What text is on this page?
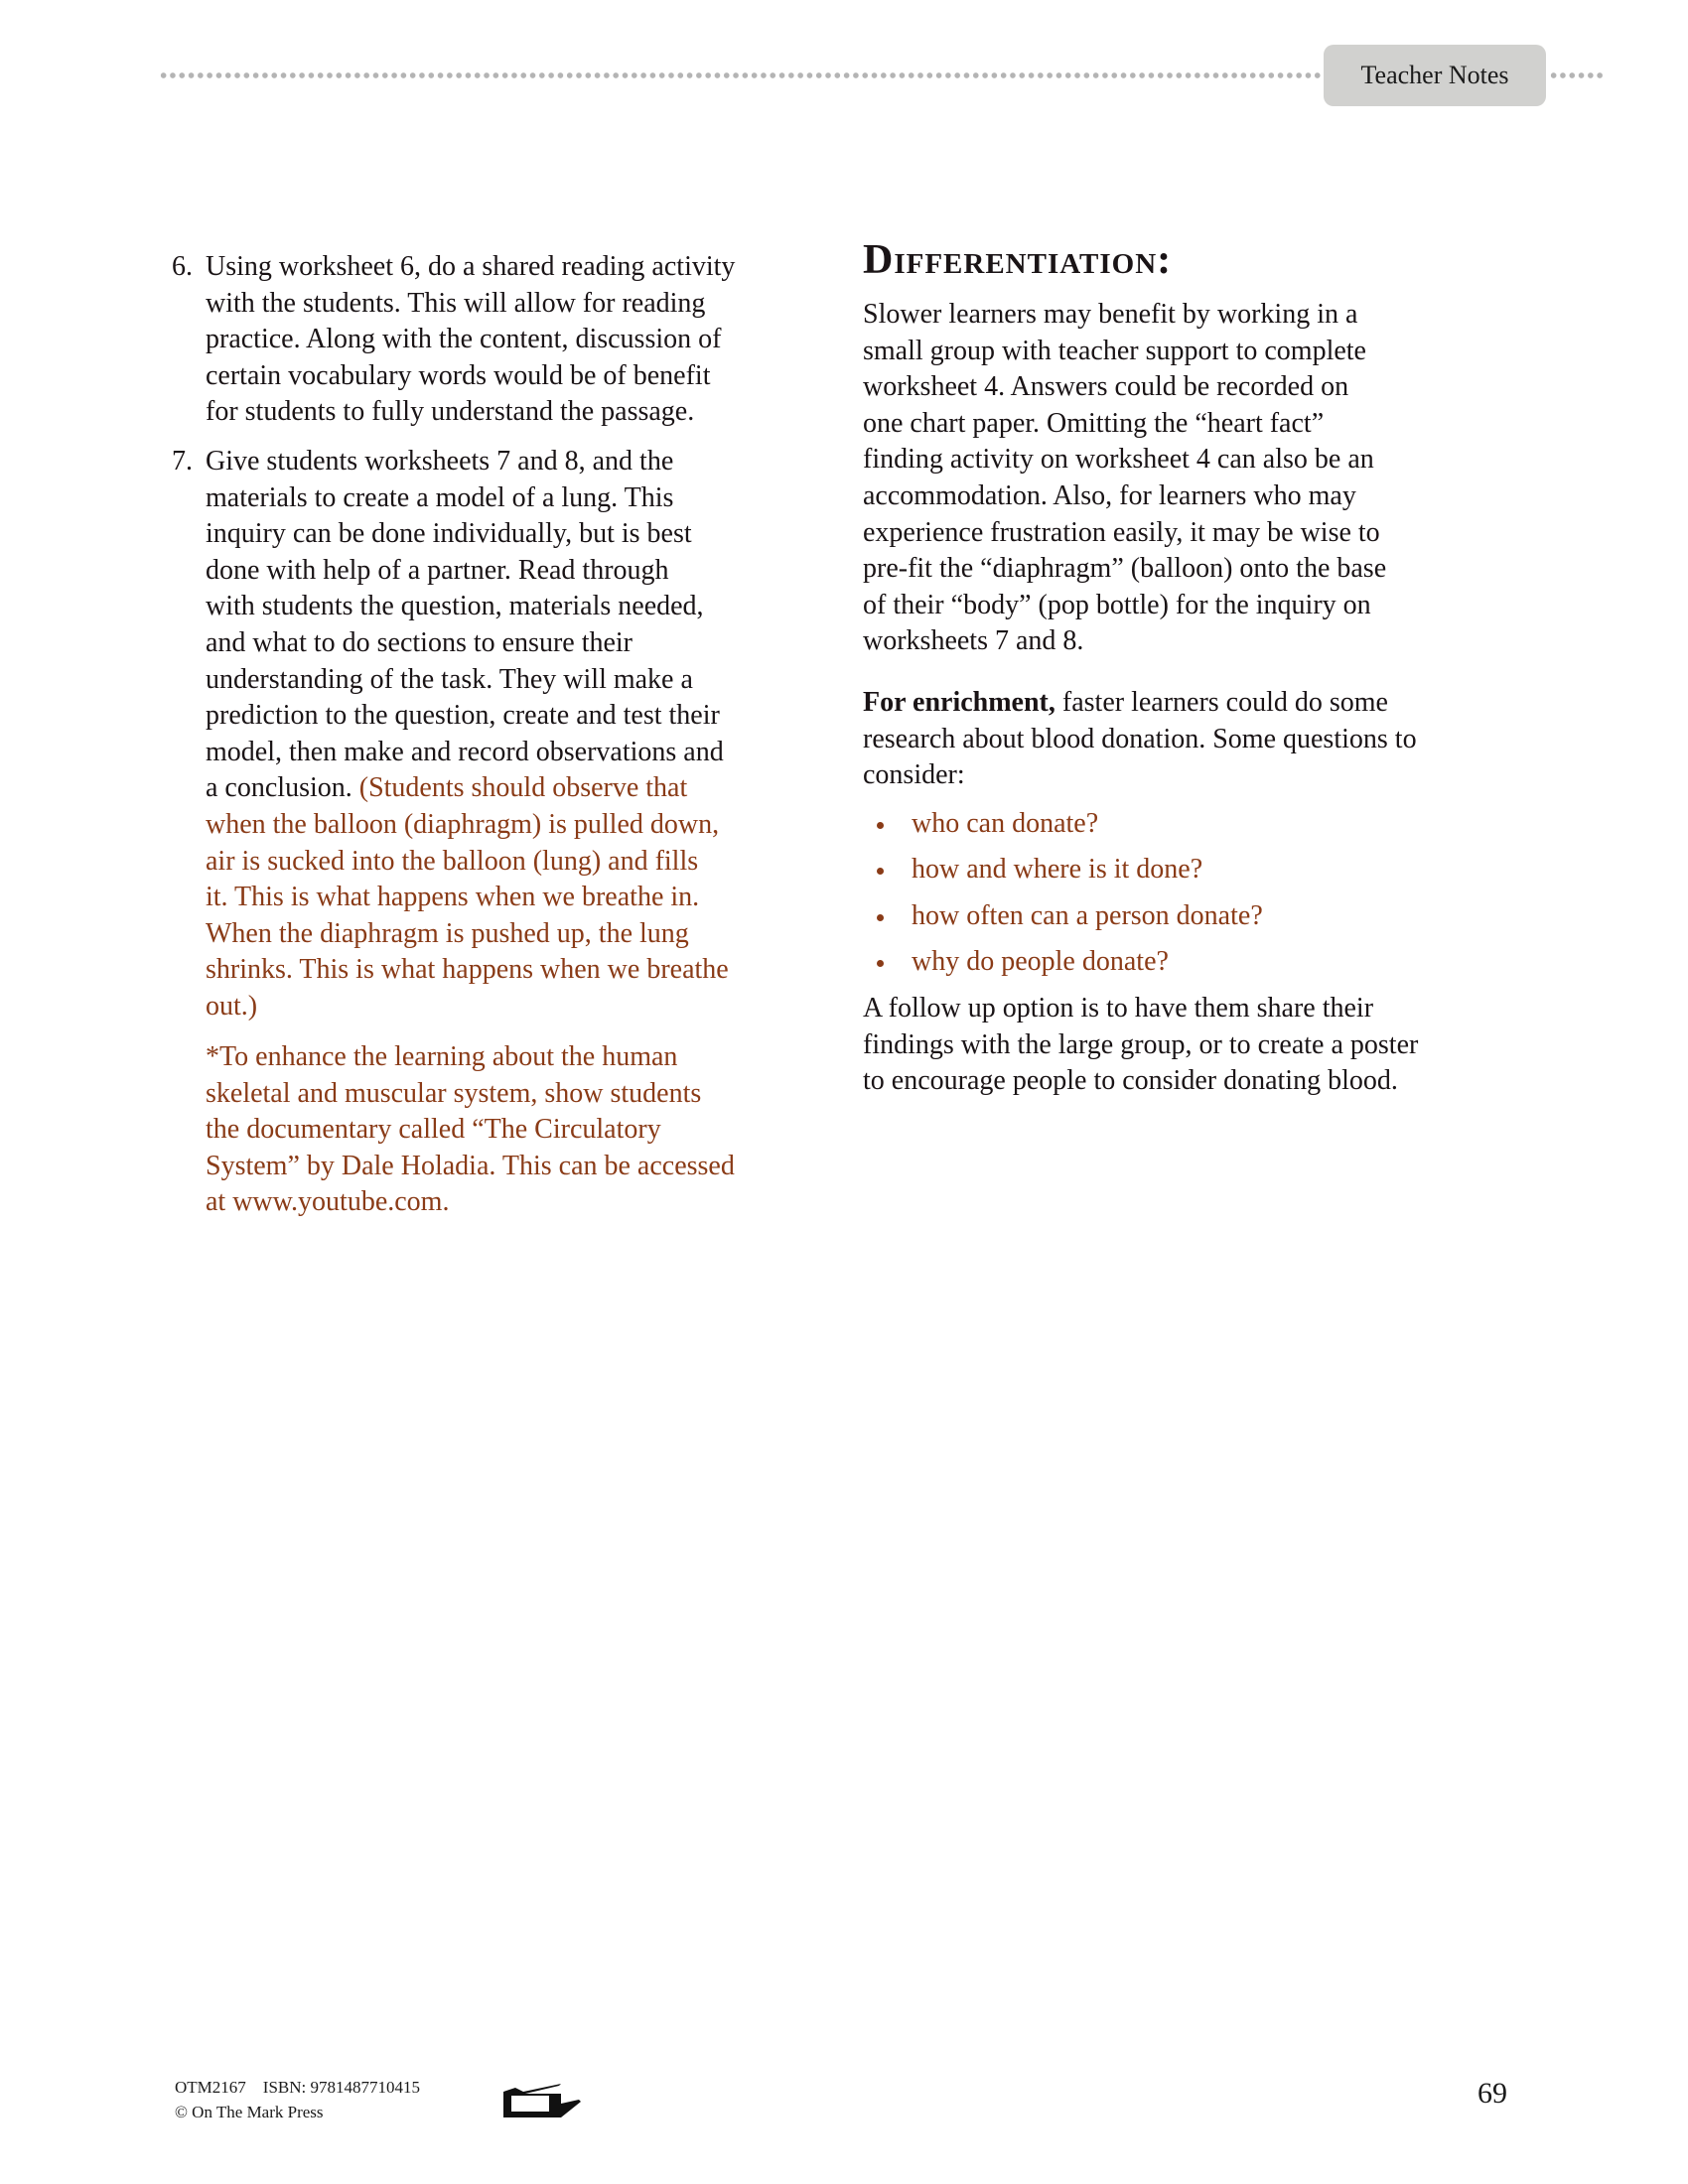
Teacher Notes
6. Using worksheet 6, do a shared reading activity
with the students. This will allow for reading
practice. Along with the content, discussion of
certain vocabulary words would be of benefit
for students to fully understand the passage.
7. Give students worksheets 7 and 8, and the
materials to create a model of a lung. This
inquiry can be done individually, but is best
done with help of a partner. Read through
with students the question, materials needed,
and what to do sections to ensure their
understanding of the task. They will make a
prediction to the question, create and test their
model, then make and record observations and
a conclusion. (Students should observe that
when the balloon (diaphragm) is pulled down,
air is sucked into the balloon (lung) and fills
it. This is what happens when we breathe in.
When the diaphragm is pushed up, the lung
shrinks. This is what happens when we breathe
out.)
*To enhance the learning about the human
skeletal and muscular system, show students
the documentary called “The Circulatory
System” by Dale Holadia. This can be accessed
at www.youtube.com.
Differentiation:
Slower learners may benefit by working in a
small group with teacher support to complete
worksheet 4. Answers could be recorded on
one chart paper. Omitting the “heart fact”
finding activity on worksheet 4 can also be an
accommodation. Also, for learners who may
experience frustration easily, it may be wise to
pre-fit the “diaphragm” (balloon) onto the base
of their “body” (pop bottle) for the inquiry on
worksheets 7 and 8.
For enrichment, faster learners could do some
research about blood donation. Some questions to
consider:
who can donate?
how and where is it done?
how often can a person donate?
why do people donate?
A follow up option is to have them share their
findings with the large group, or to create a poster
to encourage people to consider donating blood.
OTM2167    ISBN: 9781487710415
© On The Mark Press
69
